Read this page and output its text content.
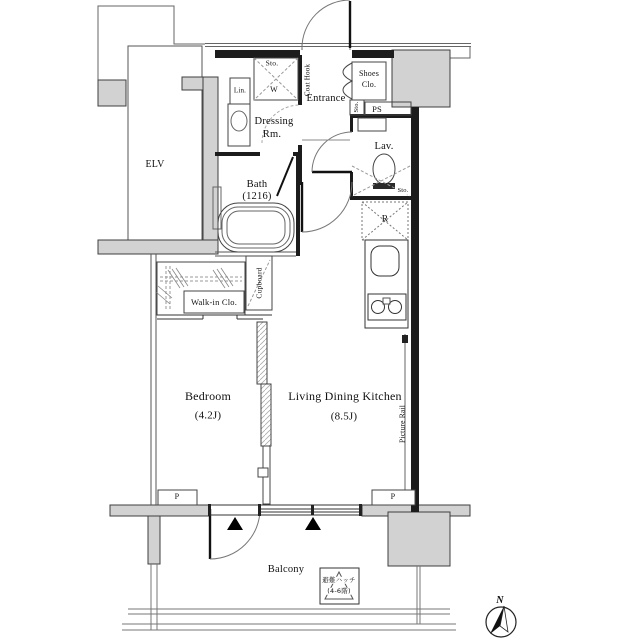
ELV
Sto.
W
Lin.	Coat Hook
Entrance
Shoes
Clo.
Sto. PS
Dressing
Rm.
Bath
(1216)
Lav.
Sto.
R
Walk-in Clo.
Cupboard
Bedroom
(4.2J)
Living Dining Kitchen
(8.5J)	Picture Rail
P	P
Balcony
避難ハッチ
(4-6階)
N
